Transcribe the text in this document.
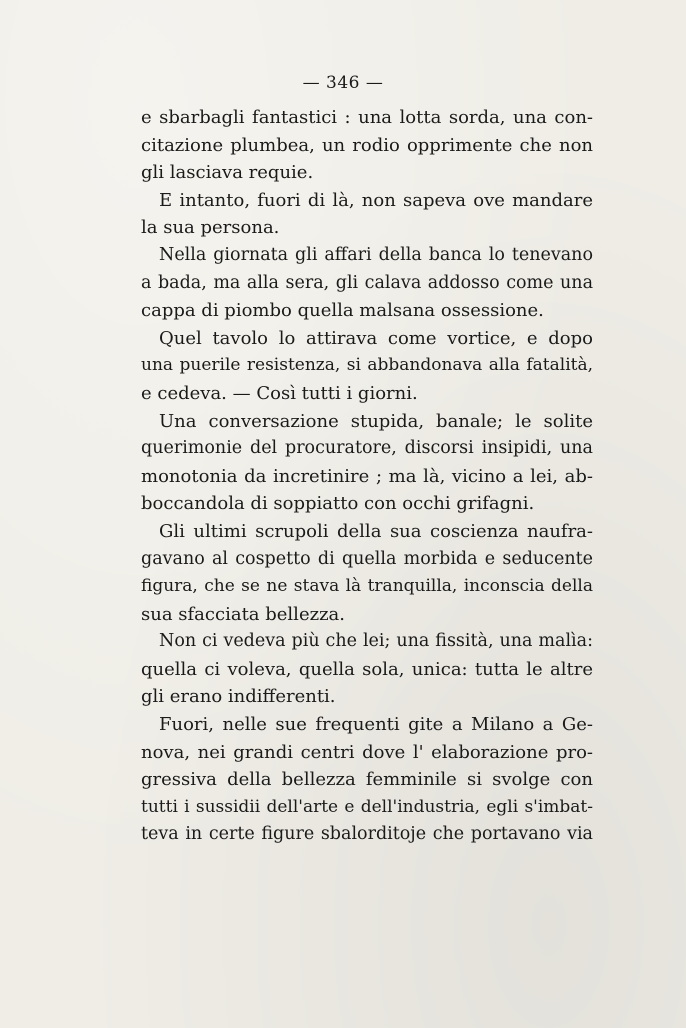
— 346 —
e sbarbagli fantastici : una lotta sorda, una con-
citazione plumbea, un rodio opprimente che non
gli lasciava requie.
E intanto, fuori di là, non sapeva ove mandare
la sua persona.
Nella giornata gli affari della banca lo tenevano
a bada, ma alla sera, gli calava addosso come una
cappa di piombo quella malsana ossessione.
Quel tavolo lo attirava come vortice, e dopo
una puerile resistenza, si abbandonava alla fatalità,
e cedeva. — Così tutti i giorni.
Una conversazione stupida, banale; le solite
querimonie del procuratore, discorsi insipidi, una
monotonia da incretinire ; ma là, vicino a lei, ab-
boccandola di soppiatto con occhi grifagni.
Gli ultimi scrupoli della sua coscienza naufra-
gavano al cospetto di quella morbida e seducente
figura, che se ne stava là tranquilla, inconscia della
sua sfacciata bellezza.
Non ci vedeva più che lei; una fissità, una malìa:
quella ci voleva, quella sola, unica: tutta le altre
gli erano indifferenti.
Fuori, nelle sue frequenti gite a Milano a Ge-
nova, nei grandi centri dove l' elaborazione pro-
gressiva della bellezza femminile si svolge con
tutti i sussidii dell'arte e dell'industria, egli s'imbat-
teva in certe figure sbalorditoje che portavano via
